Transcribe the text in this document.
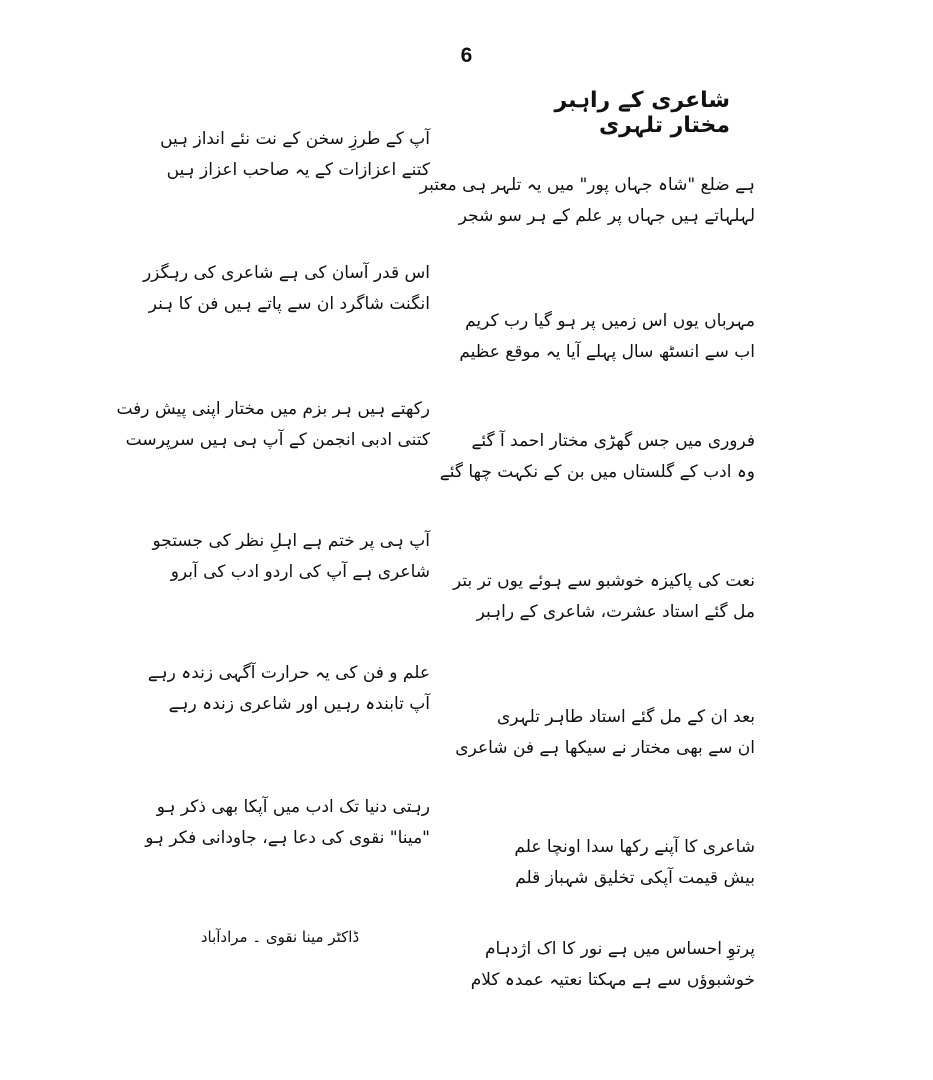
6
شاعری کے راہبر مختار تلہری
ہے ضلع "شاہ جہاں پور" میں یہ تلہر ہی معتبر
لہلہاتے ہیں جہاں پر علم کے ہر سو شجر
مہرباں یوں اس زمیں پر ہو گیا رب کریم
اب سے انسٹھ سال پہلے آیا یہ موقع عظیم
فروری میں جس گھڑی مختار احمد آ گئے
وہ ادب کے گلستاں میں بن کے نکہت چھا گئے
نعت کی پاکیزہ خوشبو سے ہوئے یوں تر بتر
مل گئے استاد عشرت، شاعری کے راہبر
بعد ان کے مل گئے استاد طاہر تلہری
ان سے بھی مختار نے سیکھا ہے فن شاعری
شاعری کا آپنے رکھا سدا اونچا علم
بیش قیمت آپکی تخلیق شہباز قلم
پرتوِ احساس میں ہے نور کا اک اژدہام
خوشبوؤں سے ہے مہکتا نعتیہ عمدہ کلام
آپ کے طرزِ سخن کے نت نئے انداز ہیں
کتنے اعزازات کے یہ صاحب اعزاز ہیں
اس قدر آسان کی ہے شاعری کی رہگزر
انگنت شاگرد ان سے پاتے ہیں فن کا ہنر
رکھتے ہیں ہر بزم میں مختار اپنی پیش رفت
کتنی ادبی انجمن کے آپ ہی ہیں سرپرست
آپ ہی پر ختم ہے اہلِ نظر کی جستجو
شاعری ہے آپ کی اردو ادب کی آبرو
علم و فن کی یہ حرارت آگہی زندہ رہے
آپ تابندہ رہیں اور شاعری زندہ رہے
رہتی دنیا تک ادب میں آپکا بھی ذکر ہو
"مینا" نقوی کی دعا ہے، جاودانی فکر ہو
ڈاکٹر مینا نقوی ۔ مرادآباد
